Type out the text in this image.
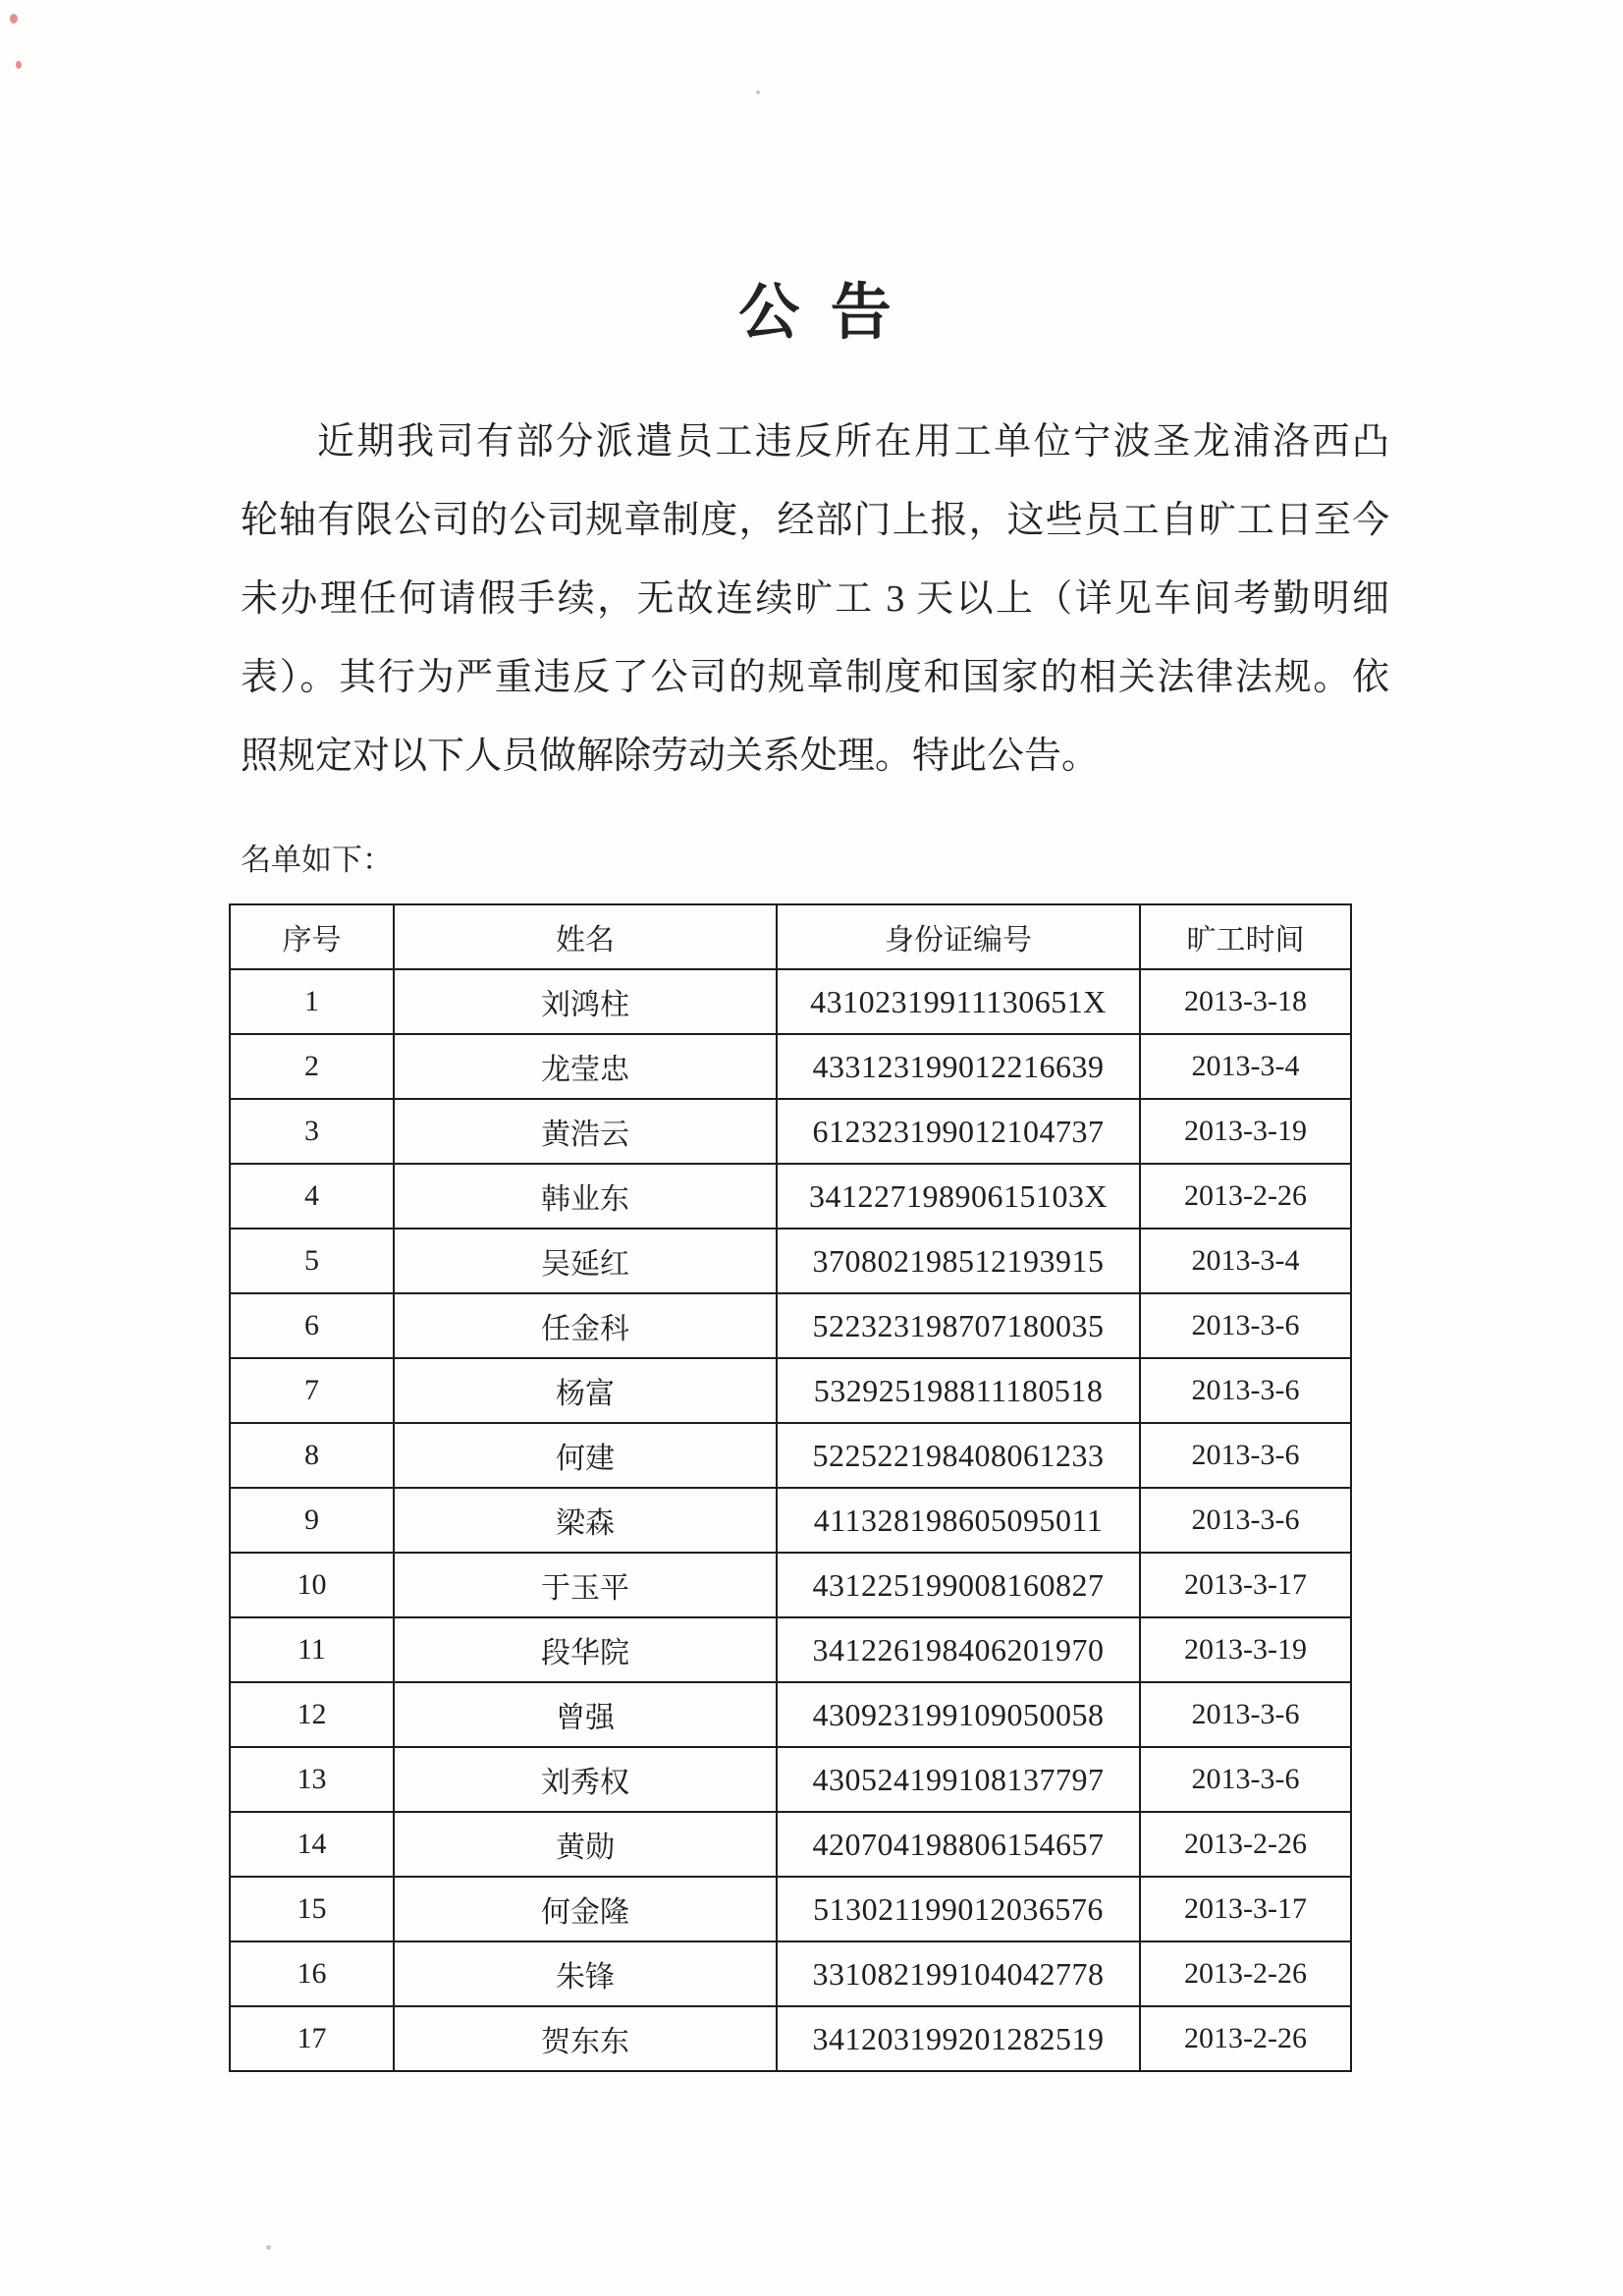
公 告
近期我司有部分派遣员工违反所在用工单位宁波圣龙浦洛西凸
轮轴有限公司的公司规章制度，经部门上报，这些员工自旷工日至今
未办理任何请假手续，无故连续旷工 3 天以上（详见车间考勤明细
表）。其行为严重违反了公司的规章制度和国家的相关法律法规。依
照规定对以下人员做解除劳动关系处理。特此公告。
名单如下：
序号	姓名	身份证编号	旷工时间
1	刘鸿柱	43102319911130651X	2013-3-18
2	龙莹忠	433123199012216639	2013-3-4
3	黄浩云	612323199012104737	2013-3-19
4	韩业东	34122719890615103X	2013-2-26
5	吴延红	370802198512193915	2013-3-4
6	任金科	522323198707180035	2013-3-6
7	杨富	532925198811180518	2013-3-6
8	何建	522522198408061233	2013-3-6
9	梁森	411328198605095011	2013-3-6
10	于玉平	431225199008160827	2013-3-17
11	段华院	341226198406201970	2013-3-19
12	曾强	430923199109050058	2013-3-6
13	刘秀权	430524199108137797	2013-3-6
14	黄勋	420704198806154657	2013-2-26
15	何金隆	513021199012036576	2013-3-17
16	朱锋	331082199104042778	2013-2-26
17	贺东东	341203199201282519	2013-2-26
